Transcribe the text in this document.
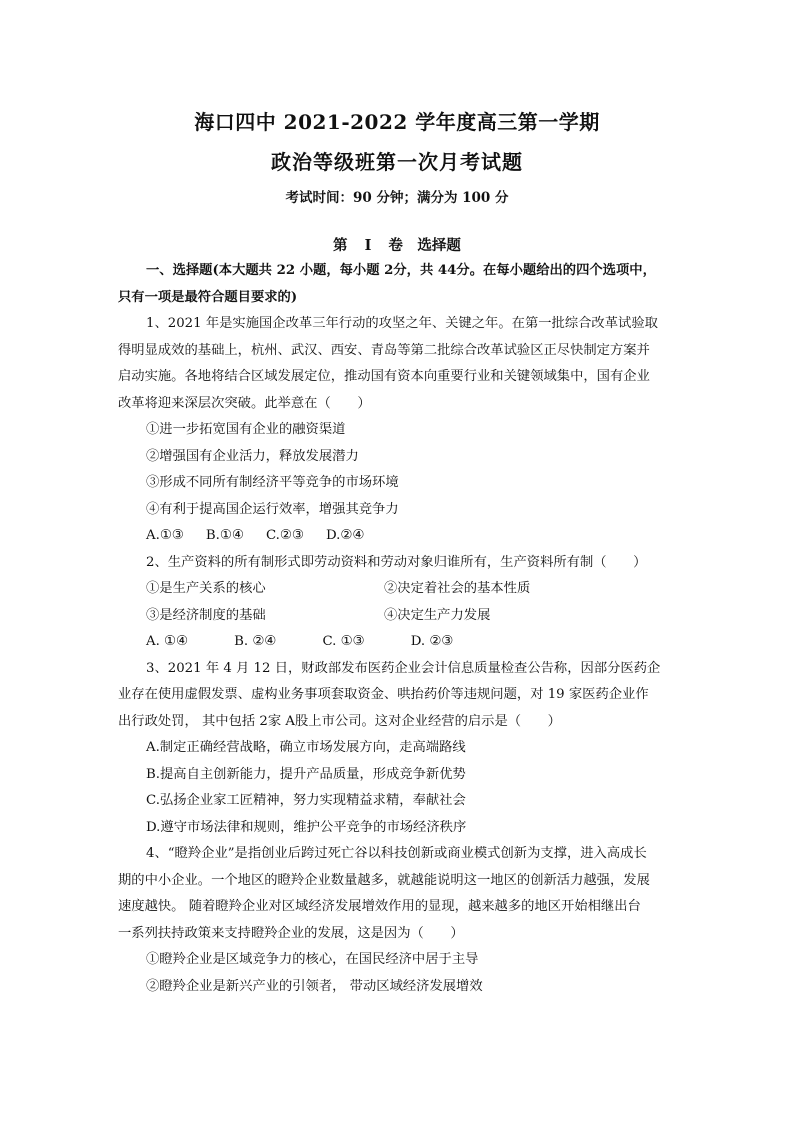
海口四中 2021-2022 学年度高三第一学期
政治等级班第一次月考试题
考试时间：90 分钟；满分为 100 分
第 I 卷　选择题
一、选择题(本大题共 22 小题，每小题 2分，共 44分。在每小题给出的四个选项中，
只有一项是最符合题目要求的)
1、2021 年是实施国企改革三年行动的攻坚之年、关键之年。在第一批综合改革试验取
得明显成效的基础上，杭州、武汉、西安、青岛等第二批综合改革试验区正尽快制定方案并
启动实施。各地将结合区域发展定位，推动国有资本向重要行业和关键领域集中，国有企业
改革将迎来深层次突破。此举意在（　　）
①进一步拓宽国有企业的融资渠道
②增强国有企业活力，释放发展潜力
③形成不同所有制经济平等竞争的市场环境
④有利于提高国企运行效率，增强其竞争力
A.①③ B.①④ C.②③ D.②④
2、生产资料的所有制形式即劳动资料和劳动对象归谁所有，生产资料所有制（　　）
①是生产关系的核心	②决定着社会的基本性质
③是经济制度的基础	④决定生产力发展
A. ①④	B. ②④	C. ①③	D. ②③
3、2021 年 4 月 12 日，财政部发布医药企业会计信息质量检查公告称，因部分医药企
业存在使用虚假发票、虚构业务事项套取资金、哄抬药价等违规问题，对 19 家医药企业作
出行政处罚， 其中包括 2家 A股上市公司。这对企业经营的启示是（　　）
A.制定正确经营战略，确立市场发展方向，走高端路线
B.提高自主创新能力，提升产品质量，形成竞争新优势
C.弘扬企业家工匠精神，努力实现精益求精，奉献社会
D.遵守市场法律和规则，维护公平竞争的市场经济秩序
4、“瞪羚企业”是指创业后跨过死亡谷以科技创新或商业模式创新为支撑，进入高成长
期的中小企业。一个地区的瞪羚企业数量越多，就越能说明这一地区的创新活力越强，发展
速度越快。 随着瞪羚企业对区域经济发展增效作用的显现，越来越多的地区开始相继出台
一系列扶持政策来支持瞪羚企业的发展，这是因为（　　）
①瞪羚企业是区域竞争力的核心，在国民经济中居于主导
②瞪羚企业是新兴产业的引领者， 带动区域经济发展增效
